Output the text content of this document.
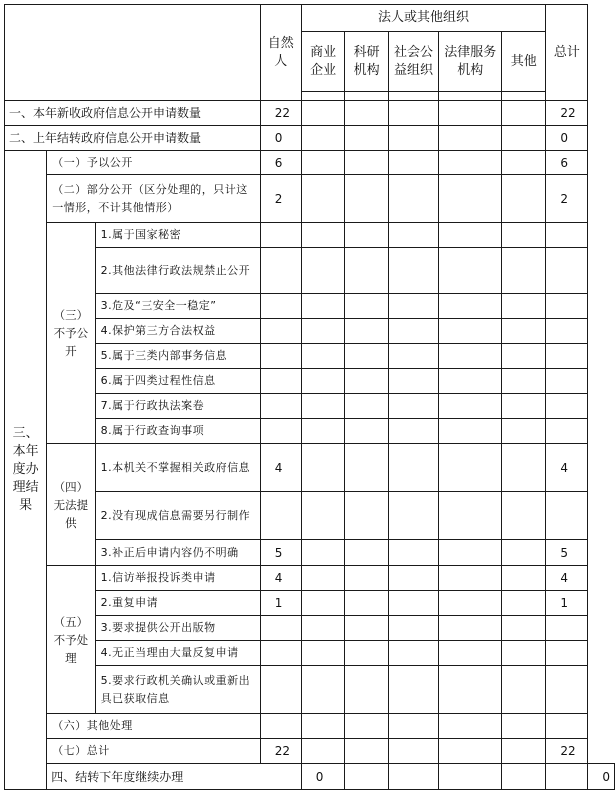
			自然人	法人或其他组织					总计	
				商业企业	科研机构	社会公益组织	法律服务机构	其他		

一、本年新收政府信息公开申请数量			22						22	
二、上年结转政府信息公开申请数量			0						0	
三、本年度办理结果	（一）予以公开		6						6	
	（二）部分公开（区分处理的，只计这一情形，不计其他情形）		2						2	
	（三）不予公开	1.属于国家秘密								
		2.其他法律行政法规禁止公开								
		3.危及“三安全一稳定”								
		4.保护第三方合法权益								
		5.属于三类内部事务信息								
		6.属于四类过程性信息								
		7.属于行政执法案卷								
		8.属于行政查询事项								
	（四）无法提供	1.本机关不掌握相关政府信息	4						4	
		2.没有现成信息需要另行制作								
		3.补正后申请内容仍不明确	5						5	
	（五）不予处理	1.信访举报投诉类申请	4						4	
		2.重复申请	1						1	
		3.要求提供公开出版物								
		4.无正当理由大量反复申请								
		5.要求行政机关确认或重新出具已获取信息								
	（六）其他处理									
	（七）总计		22						22	
	四、结转下年度继续办理			0						0
